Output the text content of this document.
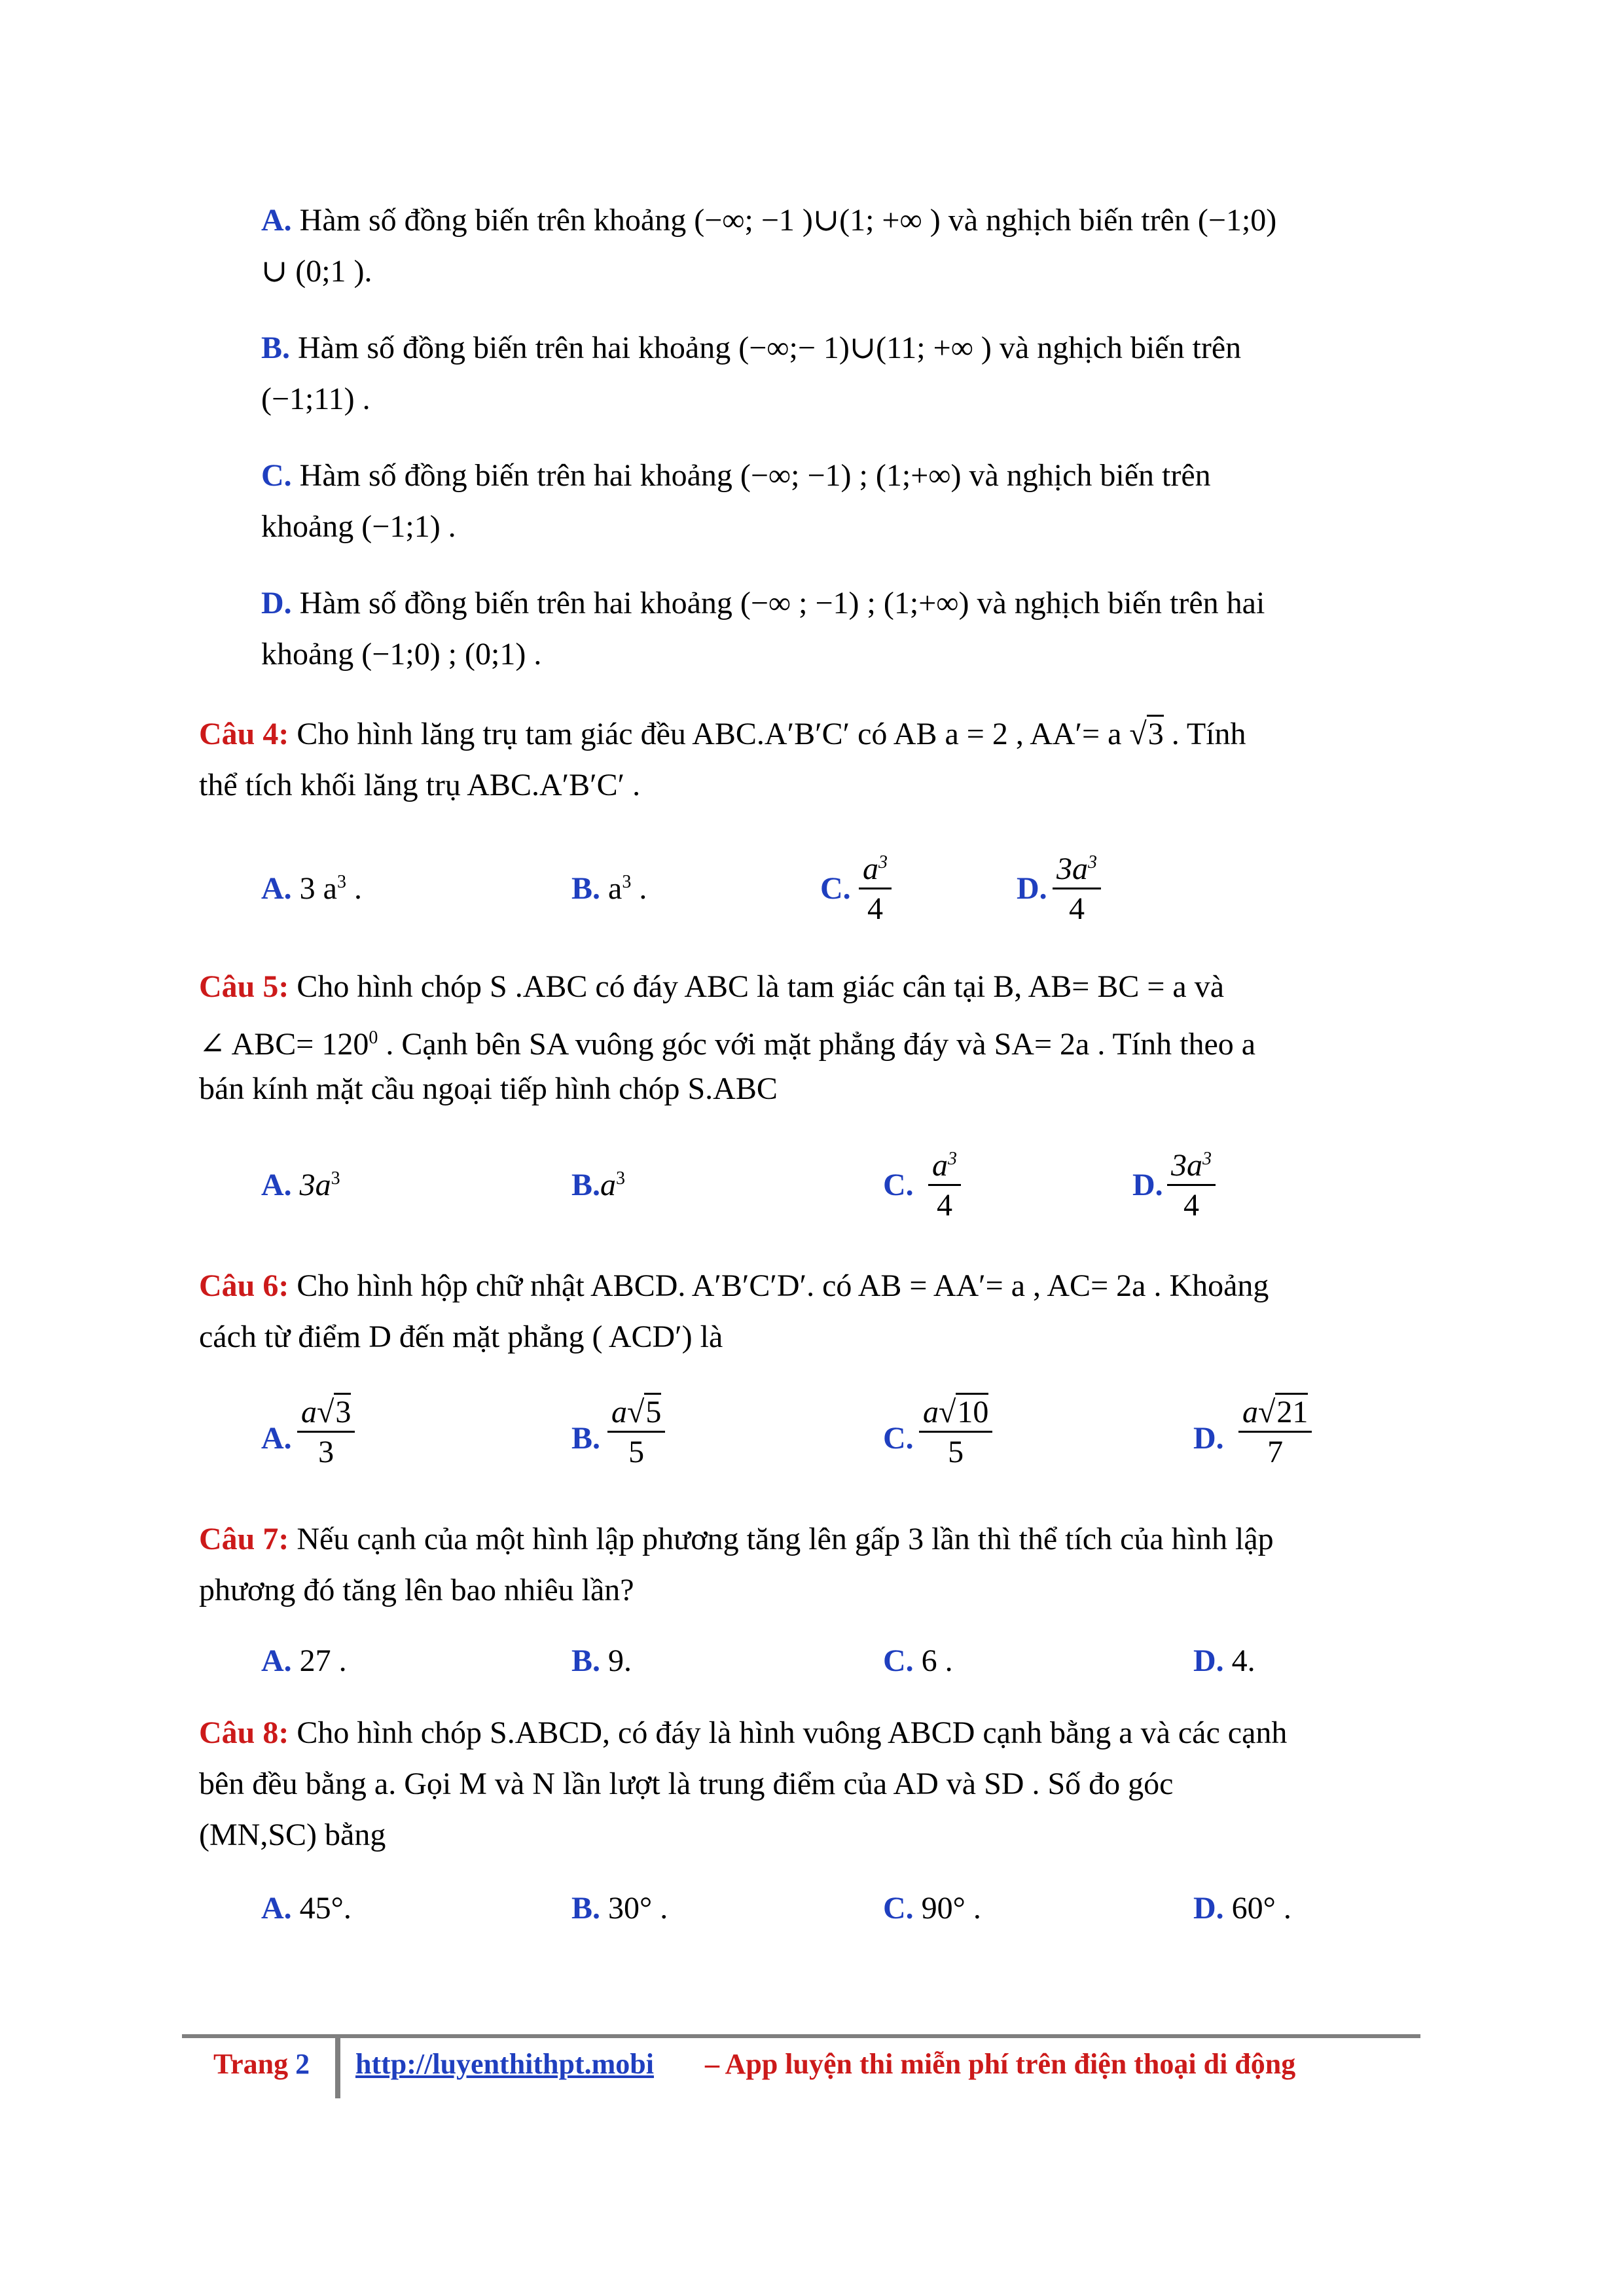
A. Hàm số đồng biến trên khoảng (−∞; −1 )∪(1; +∞ ) và nghịch biến trên (−1;0)
∪ (0;1 ).
B. Hàm số đồng biến trên hai khoảng (−∞;− 1)∪(11; +∞ ) và nghịch biến trên
(−1;11) .
C. Hàm số đồng biến trên hai khoảng (−∞; −1) ; (1;+∞) và nghịch biến trên
khoảng (−1;1) .
D. Hàm số đồng biến trên hai khoảng (−∞ ; −1) ; (1;+∞) và nghịch biến trên hai
khoảng (−1;0) ; (0;1) .
Câu 4: Cho hình lăng trụ tam giác đều ABC.A′B′C′ có AB a = 2 , AA′= a √3 . Tính
thể tích khối lăng trụ ABC.A′B′C′ .
A. 3 $a^3$ .	B. $a^3$ .	C. $\frac{a^3}{4}$	D. $\frac{3a^3}{4}$
Câu 5: Cho hình chóp S .ABC có đáy ABC là tam giác cân tại B, AB= BC = a và
∠ $ABC= 120^0$ . Cạnh bên SA vuông góc với mặt phẳng đáy và SA= 2a . Tính theo a
bán kính mặt cầu ngoại tiếp hình chóp S.ABC
A. $3a^3$	$B.a^3$	C. $\frac{a^3}{4}$	D. $\frac{3a^3}{4}$
Câu 6: Cho hình hộp chữ nhật ABCD. A′B′C′D′. có AB = AA′= a , AC= 2a . Khoảng
cách từ điểm D đến mặt phẳng ( ACD′) là
A. $\frac{a√3}{3}$	B. $\frac{a√5}{5}$	C. $\frac{a√10}{5}$	D. $\frac{a√21}{7}$
Câu 7: Nếu cạnh của một hình lập phương tăng lên gấp 3 lần thì thể tích của hình lập
phương đó tăng lên bao nhiêu lần?
A. 27 .	B. 9.	C. 6 .	D. 4.
Câu 8: Cho hình chóp S.ABCD, có đáy là hình vuông ABCD cạnh bằng a và các cạnh
bên đều bằng a. Gọi M và N lần lượt là trung điểm của AD và SD . Số đo góc
(MN,SC) bằng
A. 45°.	B. 30° .	C. 90° .	D. 60° .
Trang 2 http://luyenthithpt.mobi – App luyện thi miễn phí trên điện thoại di động
